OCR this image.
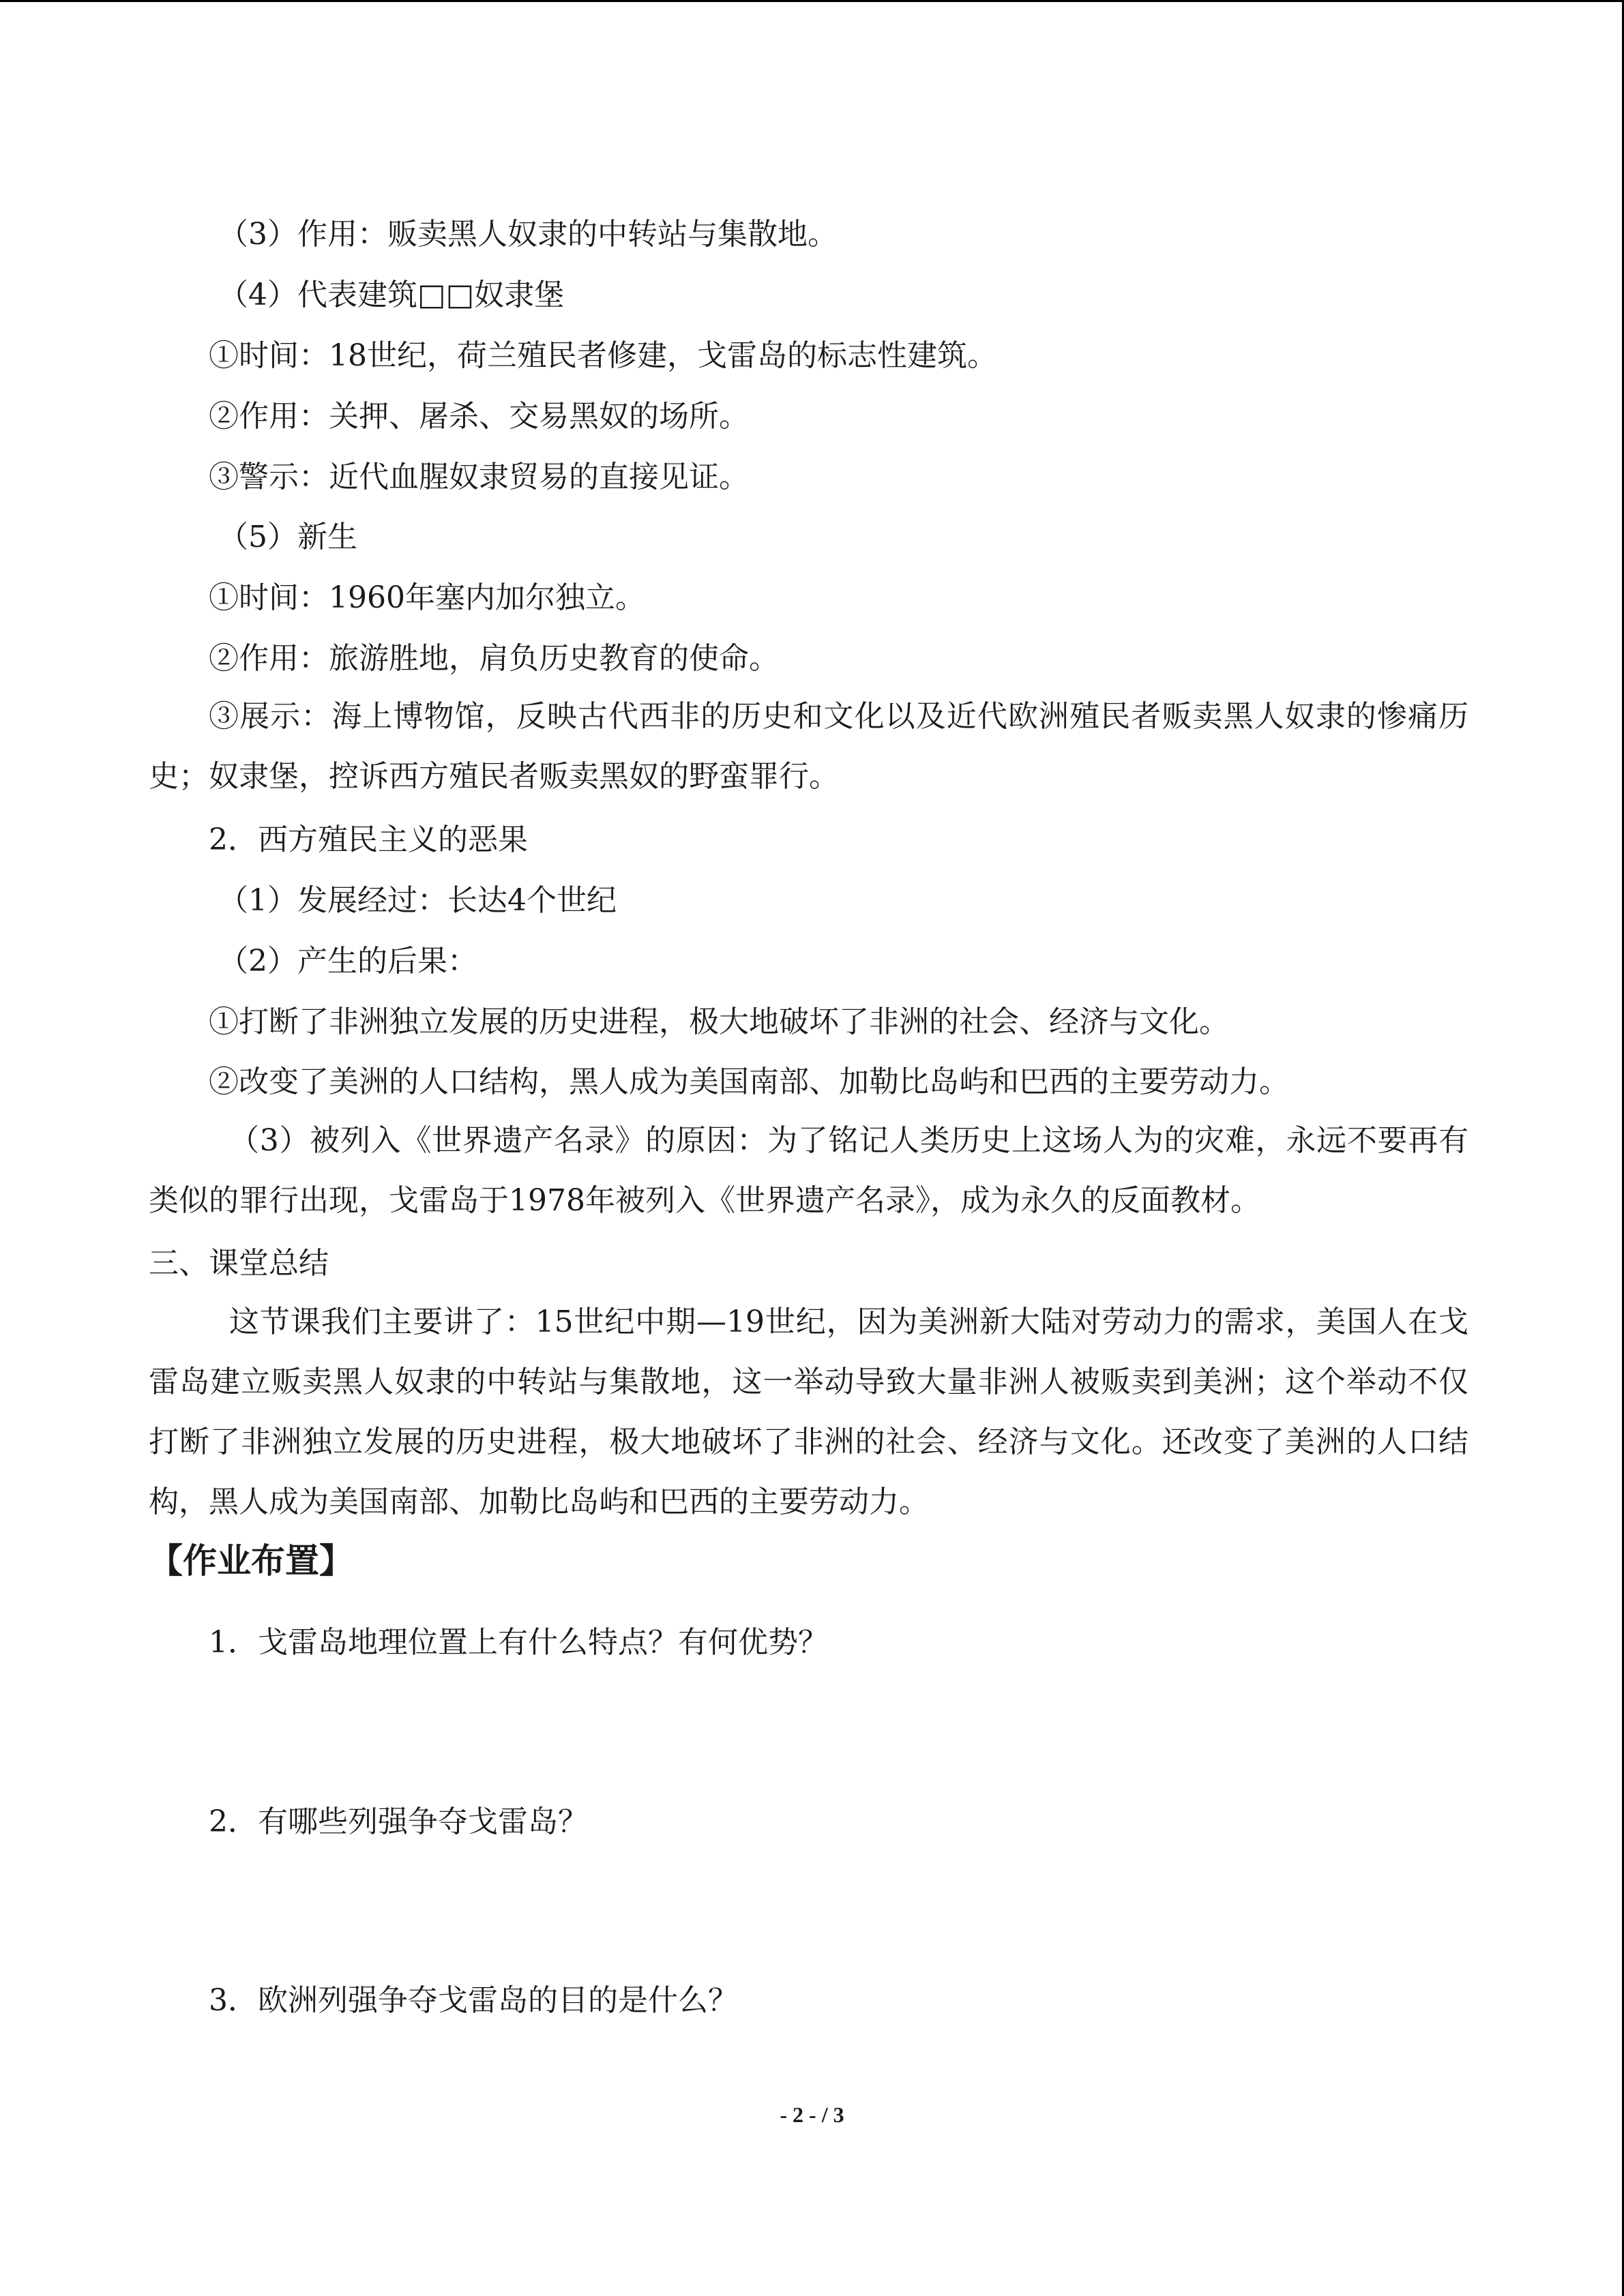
（3）作用：贩卖黑人奴隶的中转站与集散地。
（4）代表建筑□□奴隶堡
①时间：18世纪，荷兰殖民者修建，戈雷岛的标志性建筑。
②作用：关押、屠杀、交易黑奴的场所。
③警示：近代血腥奴隶贸易的直接见证。
（5）新生
①时间：1960年塞内加尔独立。
②作用：旅游胜地，肩负历史教育的使命。

③展示：海上博物馆，反映古代西非的历史和文化以及近代欧洲殖民者贩卖黑人奴隶的惨痛历史；奴隶堡，控诉西方殖民者贩卖黑奴的野蛮罪行。

2．西方殖民主义的恶果
（1）发展经过：长达4个世纪
（2）产生的后果：
①打断了非洲独立发展的历史进程，极大地破坏了非洲的社会、经济与文化。
②改变了美洲的人口结构，黑人成为美国南部、加勒比岛屿和巴西的主要劳动力。

（3）被列入《世界遗产名录》的原因：为了铭记人类历史上这场人为的灾难，永远不要再有类似的罪行出现，戈雷岛于1978年被列入《世界遗产名录》，成为永久的反面教材。

三、课堂总结

这节课我们主要讲了：15世纪中期—19世纪，因为美洲新大陆对劳动力的需求，美国人在戈雷岛建立贩卖黑人奴隶的中转站与集散地，这一举动导致大量非洲人被贩卖到美洲；这个举动不仅打断了非洲独立发展的历史进程，极大地破坏了非洲的社会、经济与文化。还改变了美洲的人口结构，黑人成为美国南部、加勒比岛屿和巴西的主要劳动力。

【作业布置】
1．戈雷岛地理位置上有什么特点？有何优势？
2．有哪些列强争夺戈雷岛？
3．欧洲列强争夺戈雷岛的目的是什么？
- 2 - / 3
